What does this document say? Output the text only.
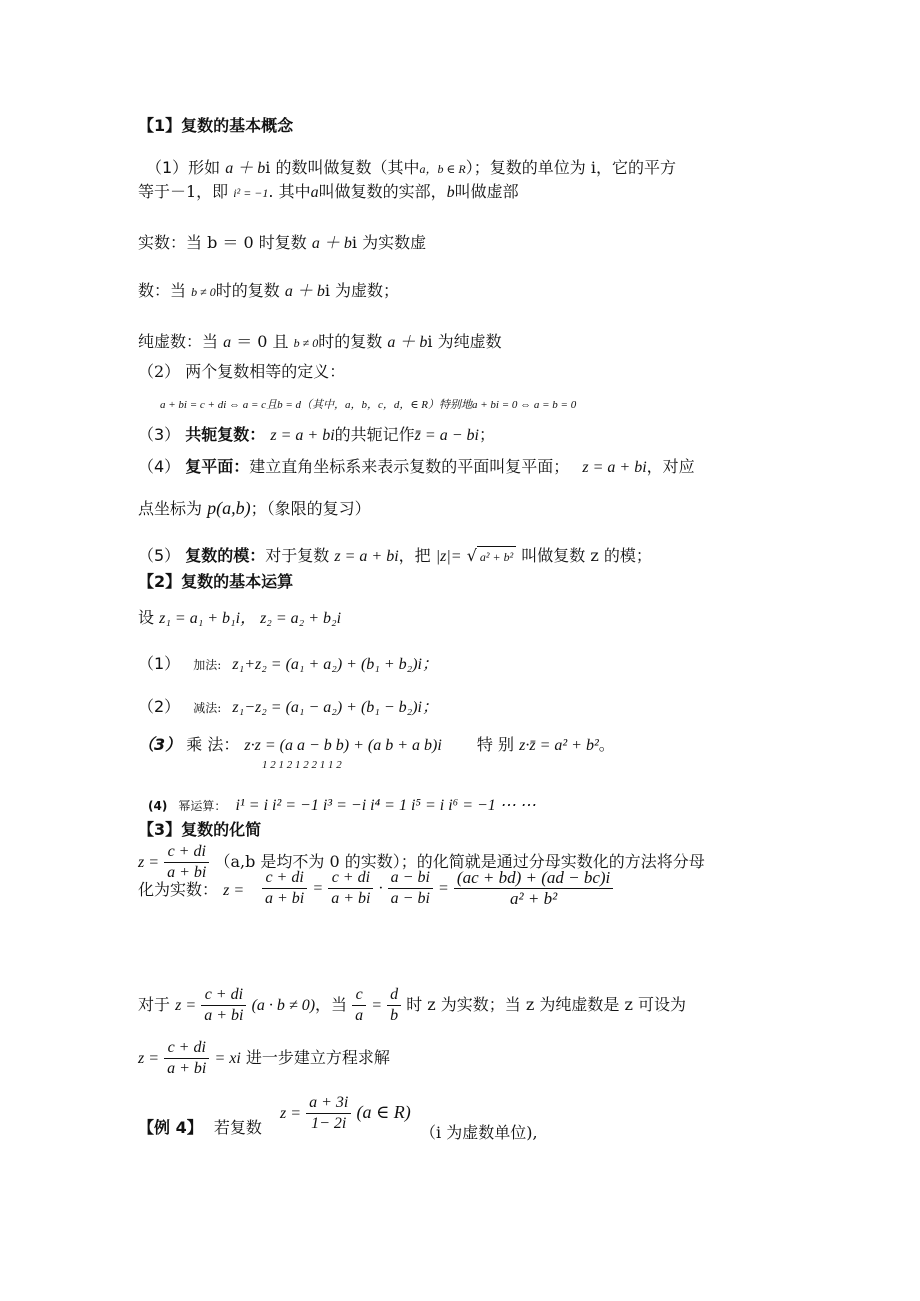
【1】复数的基本概念
（1）形如 a ＋ bi 的数叫做复数（其中a，b ∈ R）；复数的单位为 i，它的平方
等于－1，即 i² = −1. 其中a叫做复数的实部，b叫做虚部
实数：当 b ＝ 0 时复数 a ＋ bi 为实数虚
数：当 b ≠ 0时的复数 a ＋ bi 为虚数；
纯虚数：当 a ＝ 0 且 b ≠ 0时的复数 a ＋ bi 为纯虚数
（2） 两个复数相等的定义：
a + bi = c + di ⇔ a = c且b = d（其中，a，b，c，d，∈ R）特别地a + bi = 0 ⇔ a = b = 0
（3） 共轭复数： z = a + bi的共轭记作z̄ = a − bi；
（4） 复平面：建立直角坐标系来表示复数的平面叫复平面； z = a + bi，对应
点坐标为 p(a,b)；（象限的复习）
（5） 复数的模：对于复数 z = a + bi，把 |z|= √ a² + b² 叫做复数 z 的模；
【2】复数的基本运算
设 z₁ = a₁ + b₁i， z₂ = a₂ + b₂i
（1） 加法: z₁+z₂ = (a₁ + a₂) + (b₁ + b₂)i；
（2） 减法: z₁−z₂ = (a₁ − a₂) + (b₁ − b₂)i；
（3） 乘 法： z·z = (a a − b b) + (a b + a b)i 特 别 z·z̄ = a² + b²。
1 2 1 2 1 2 2 1 1 2
(4) 幂运算： i¹ = i i² = −1 i³ = −i i⁴ = 1 i⁵ = i i⁶ = −1 ⋯ ⋯
【3】复数的化简
$z = \frac{c + di}{a + bi} (a,b$ 是均不为 0 的实数）；的化简就是通过分母实数化的方法将分母
化为实数： $z = \frac{c + di}{a + bi} = \frac{c + di}{a + bi} \cdot \frac{a - bi}{a - bi} = \frac{(ac + bd) + (ad - bc)i}{\text{a² + b²}}$
对于 $z = \frac{c + di}{a + bi} (a \cdot b \ne 0)$，当 $\frac{c}{a} = \frac{d}{b}$ 时 z 为实数；当 z 为纯虚数是 z 可设为
$z = \frac{c + di}{a + bi}$ = xi 进一步建立方程求解
$z = \frac{a + 3i}{1- 2i} (a$ ∈ R)
【例 4】 若复数	（i 为虚数单位),
